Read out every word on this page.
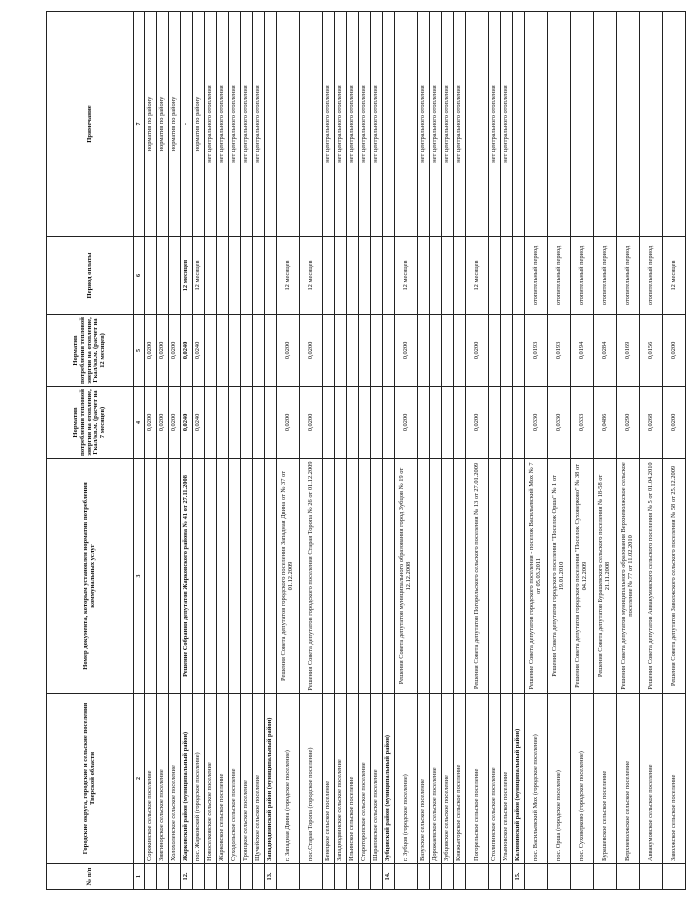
№ п/п	Городские округа, городские и сельские поселения Тверской области	Номер документа, которым установлен норматив потребления коммунальных услуг	Норматив потребления тепловой энергии на отопление, Гкал/кв.м. (расчет на 7 месяцев)	Норматив потребления тепловой энергии на отопление, Гкал/кв.м. (расчет на 12 месяцев)	Период оплаты	Примечание
1	2	3	4	5	6	7
	Сорокинское сельское поселение		0,0200	0,0200		норматив по району
	Звягинорское сельское поселение		0,0200	0,0200		норматив по району
	Холохоленское сельское поселение		0,0200	0,0200		норматив по району
12.	Жарковский район (муниципальный район)	Решение Собрания депутатов Жарковского района № 41 от 27.11.2008	0,0240	0,0240	12 месяцев	-
	пос. Жарковский (городское поселение)		0,0240	0,0240	12 месяцев	норматив по району
	Новоселковское сельское поселение					нет центрального отопления
	Жарковское сельское поселение					нет центрального отопления
	Суходольское сельское поселение					нет центрального отопления
	Троицкое сельское поселение					нет центрального отопления
	Щучейское сельское поселение					нет центрального отопления
13.	Западнодвинский район (муниципальный район)					
	г. Западная Двина (городское поселение)	Решения Совета депутатов городского поселения Западная Двина от № 37 от 01.12.2009	0,0200	0,0200	12 месяцев	
	пос.Старая Торопа (городское поселение)	Решения Совета депутатов городского поселения Старая Торопа № 26 от 01.12.2009	0,0200	0,0200	12 месяцев	
	Бенецкое сельское поселение					нет центрального отопления
	Западнодвинское сельское поселение					нет центрального отопления
	Ильинское сельское поселение					нет центрального отопления
	Староторопское сельское поселение					нет центрального отопления
	Шараповское сельское поселение					нет центрального отопления
14.	Зубцовский район (муниципальный район)					
	г. Зубцов (городское поселение)	Решения Совета депутатов муниципального образования город Зубцов № 19 от 12.12.2008	0,0200	0,0200	12 месяцев	
	Вазузское сельское поселение					нет центрального отопления
	Дорожаевское сельское поселение					нет центрального отопления
	Зубцовское сельское поселение					нет центрального отопления
	Княжьегорское сельское поселение					нет центрального отопления
	Погорельское сельское поселение	Решения Совета депутатов Погорельского сельского поселения № 13 от 27.01.2009	0,0200	0,0200	12 месяцев	
	Столипинское сельское поселение					нет центрального отопления
	Ульяновское сельское поселение					нет центрального отопления
15.	Калининский район (муниципальный район)					
	пос. Васильевский Мох (городское поселение)	Решение Совета депутатов городского поселения - поселок Васильевский Мох № 7 от 05.03.2011	0,0330	0,0193	отопительный период	
	пос. Орша (городское поселение)	Решения Совета депутатов городского поселения "Поселок Орша" № 1 от 19.01.2010	0,0330	0,0193	отопительный период	
	пос. Суховерково (городское поселение)	Решения Совета депутатов городского поселения "Поселок Суховерково" № 38 от 04.12.2009	0,0333	0,0194	отопительный период	
	Бурашевское сельское поселение	Решения Совета депутатов Бурашевского сельского поселения № 18-58 от 21.11.2008	0,0486	0,0284	отопительный период	
	Верхневолжское сельское поселение	Решения Совета депутатов муниципального образования Верхневолжское сельское поселение № 77 от 11.02.2010	0,0290	0,0169	отопительный период	
	Аввакумовское сельское поселение	Решения Совета депутатов Аввакумовского сельского поселения № 5 от 01.04.2010	0,0268	0,0156	отопительный период	
	Заволжское сельское поселение	Решения Совета депутатов Заволжского сельского поселения № 58 от 25.12.2009	0,0200	0,0200	12 месяцев	
